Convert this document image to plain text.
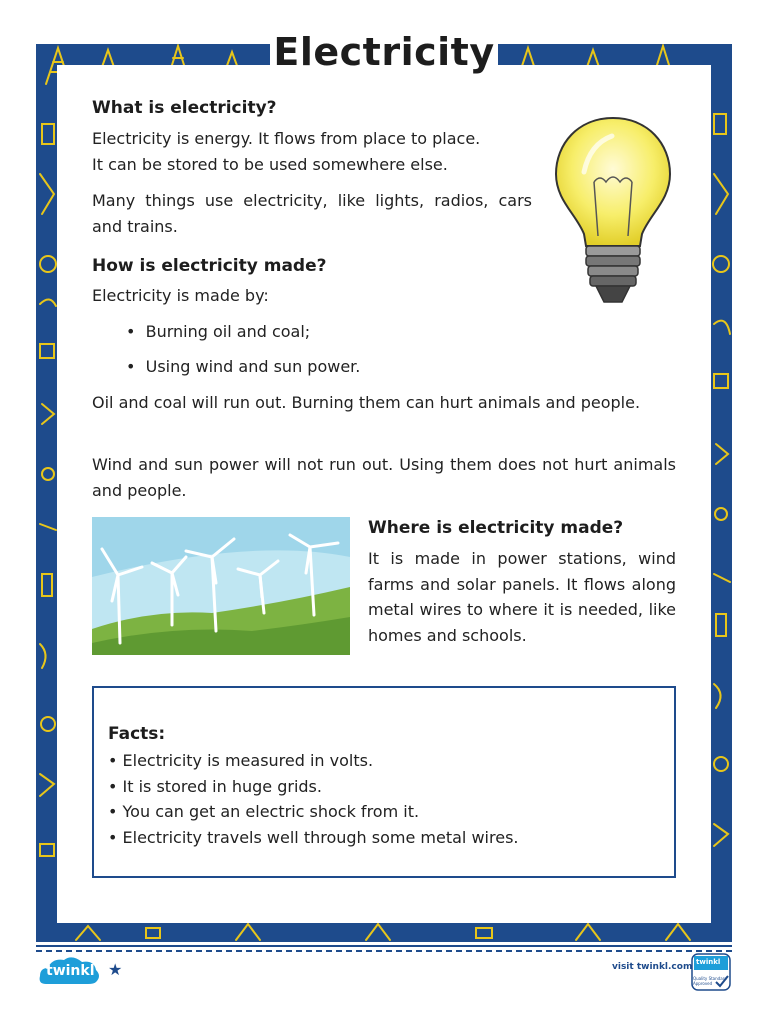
Electricity
What is electricity?

Electricity is energy. It flows from place to place.

It can be stored to be used somewhere else.

Many things use electricity, like lights, radios, cars and trains.

How is electricity made?

Electricity is made by:

• Burning oil and coal;
• Using wind and sun power.

Oil and coal will run out. Burning them can hurt animals and people.

Wind and sun power will not run out. Using them does not hurt animals and people.

Where is electricity made?

It is made in power stations, wind farms and solar panels. It flows along metal wires to where it is needed, like homes and schools.

Facts:
• Electricity is measured in volts.
• It is stored in huge grids.
• You can get an electric shock from it.
• Electricity travels well through some metal wires.
twinkl ★	visit twinkl.com twinkl
Quality Standard Approved
